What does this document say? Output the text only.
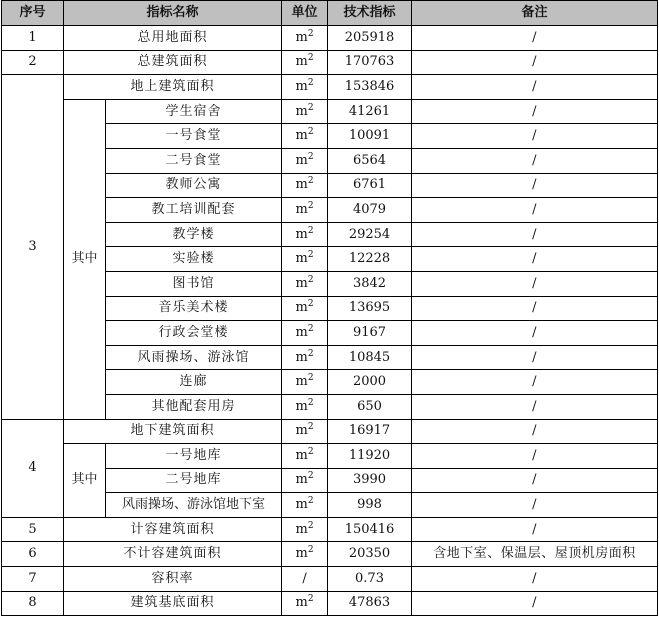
序号	指标名称		单位	技术指标	备注
1	总用地面积		$m^2$	205918	/
2	总建筑面积		$m^2$	170763	/
3	地上建筑面积		$m^2$	153846	/
	其中	学生宿舍	$m^2$	41261	/
		一号食堂	$m^2$	10091	/
		二号食堂	$m^2$	6564	/
		教师公寓	$m^2$	6761	/
		教工培训配套	$m^2$	4079	/
		教学楼	$m^2$	29254	/
		实验楼	$m^2$	12228	/
		图书馆	$m^2$	3842	/
		音乐美术楼	$m^2$	13695	/
		行政会堂楼	$m^2$	9167	/
		风雨操场、游泳馆	$m^2$	10845	/
		连廊	$m^2$	2000	/
		其他配套用房	$m^2$	650	/
4	地下建筑面积		$m^2$	16917	/
	其中	一号地库	$m^2$	11920	/
		二号地库	$m^2$	3990	/
		风雨操场、游泳馆地下室	$m^2$	998	/
5	计容建筑面积		$m^2$	150416	/
6	不计容建筑面积		$m^2$	20350	含地下室、保温层、屋顶机房面积
7	容积率		/	0.73	/
8	建筑基底面积		$m^2$	47863	/
